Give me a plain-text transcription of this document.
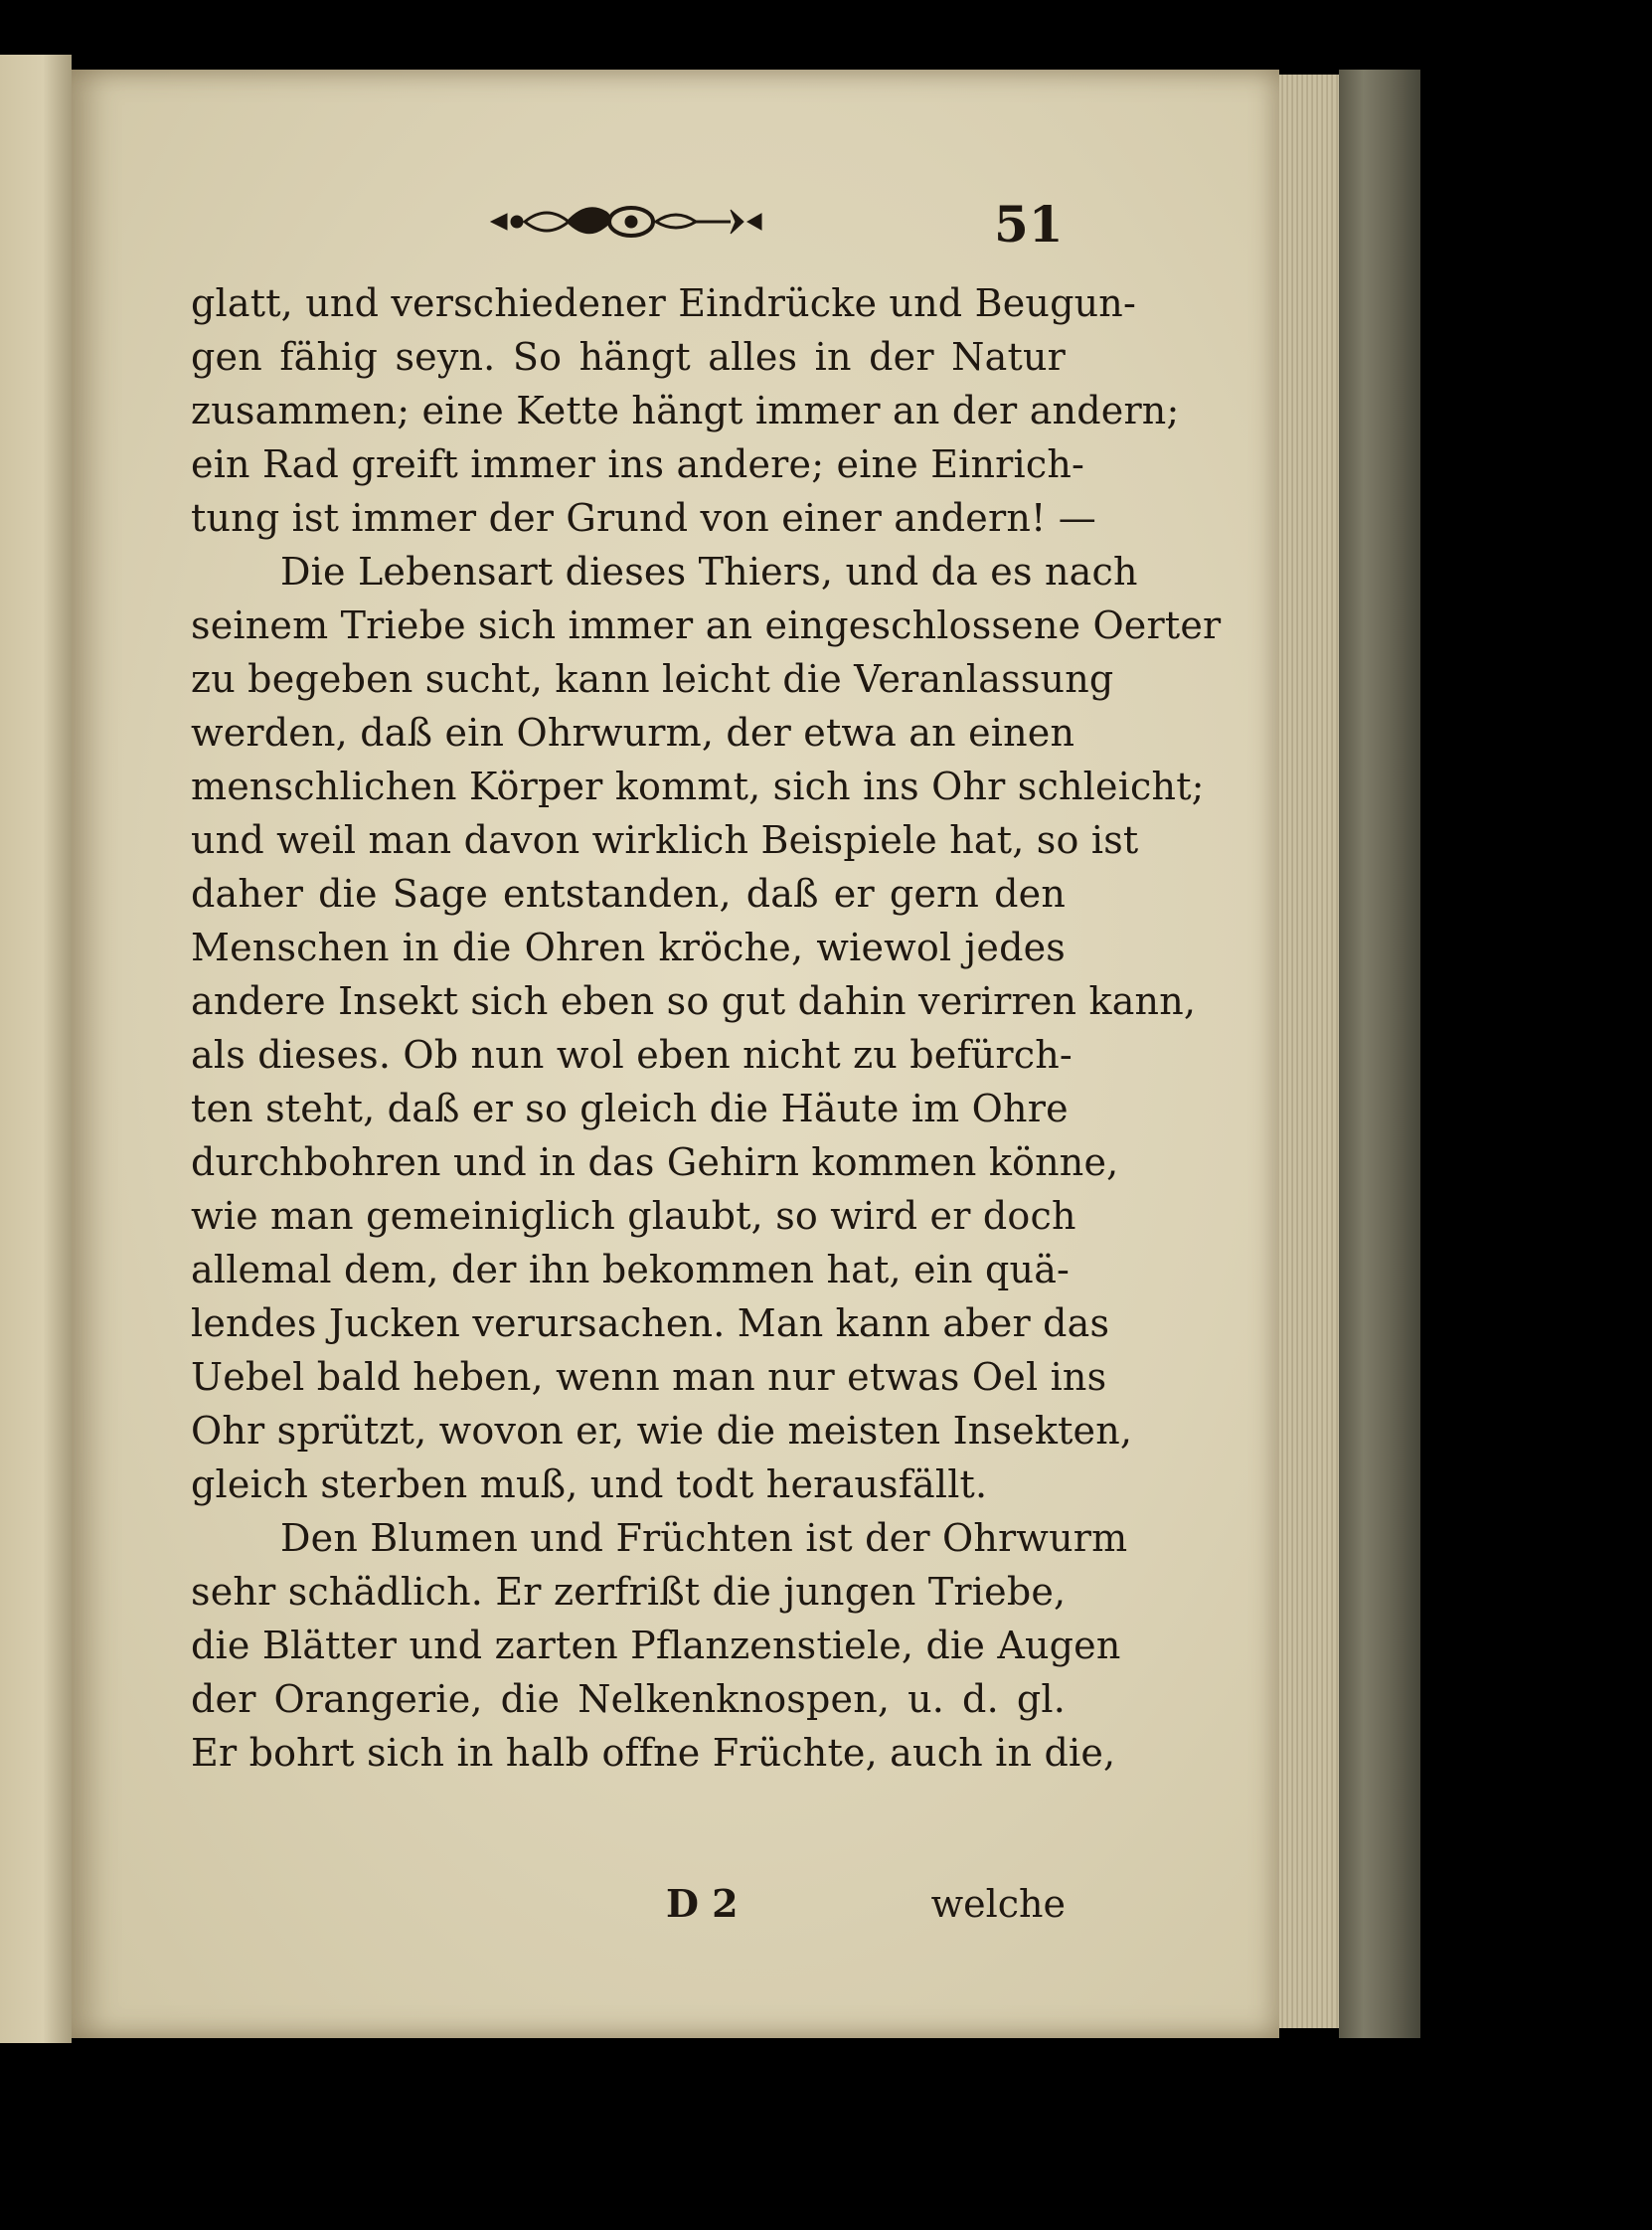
51

glatt, und verschiedener Eindrücke und Beugun-
gen fähig seyn. So hängt alles in der Natur
zusammen; eine Kette hängt immer an der andern;
ein Rad greift immer ins andere; eine Einrich-
tung ist immer der Grund von einer andern! —
Die Lebensart dieses Thiers, und da es nach
seinem Triebe sich immer an eingeschlossene Oerter
zu begeben sucht, kann leicht die Veranlassung
werden, daß ein Ohrwurm, der etwa an einen
menschlichen Körper kommt, sich ins Ohr schleicht;
und weil man davon wirklich Beispiele hat, so ist
daher die Sage entstanden, daß er gern den
Menschen in die Ohren kröche, wiewol jedes
andere Insekt sich eben so gut dahin verirren kann,
als dieses. Ob nun wol eben nicht zu befürch-
ten steht, daß er so gleich die Häute im Ohre
durchbohren und in das Gehirn kommen könne,
wie man gemeiniglich glaubt, so wird er doch
allemal dem, der ihn bekommen hat, ein quä-
lendes Jucken verursachen. Man kann aber das
Uebel bald heben, wenn man nur etwas Oel ins
Ohr sprützt, wovon er, wie die meisten Insekten,
gleich sterben muß, und todt herausfällt.
Den Blumen und Früchten ist der Ohrwurm
sehr schädlich. Er zerfrißt die jungen Triebe,
die Blätter und zarten Pflanzenstiele, die Augen
der Orangerie, die Nelkenknospen, u. d. gl.
Er bohrt sich in halb offne Früchte, auch in die,
D 2	welche
